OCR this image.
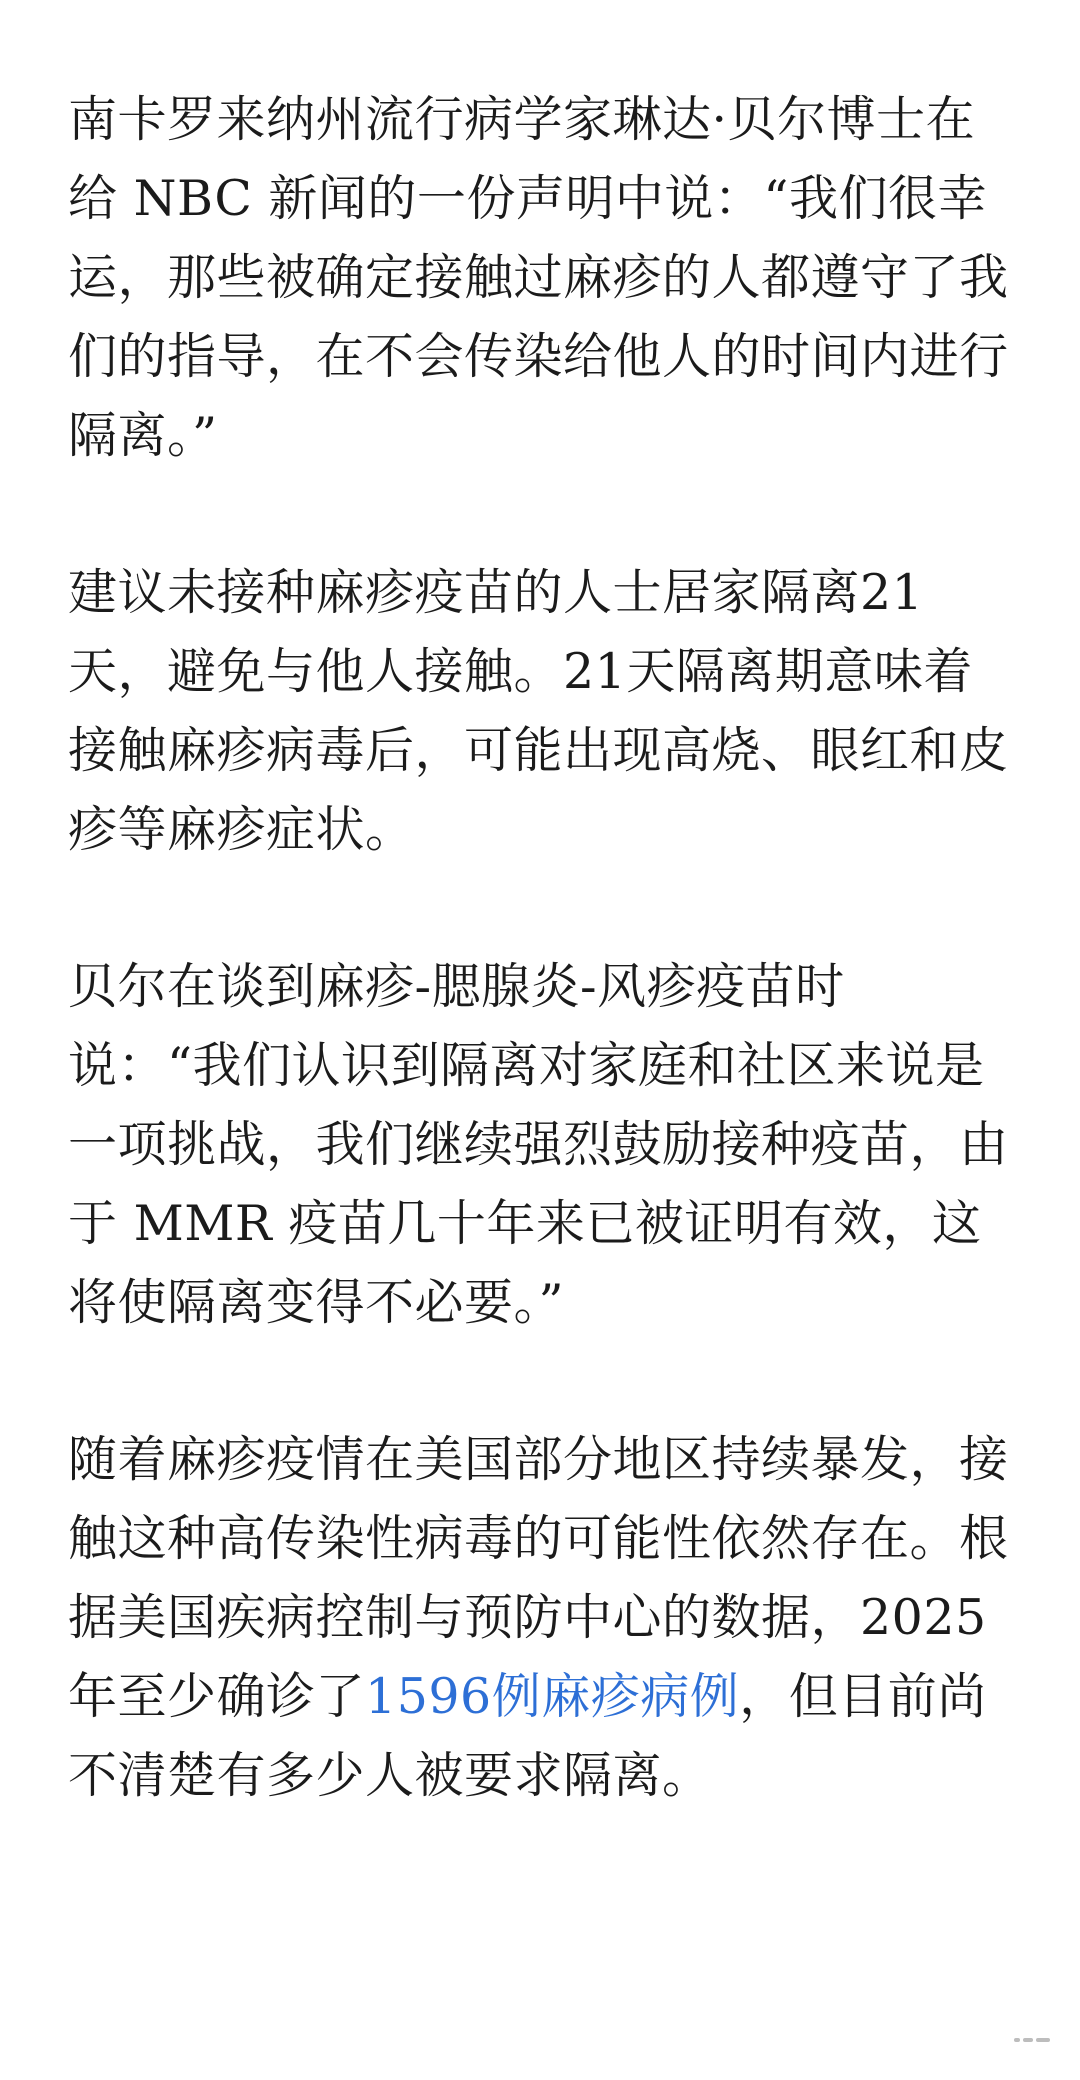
南卡罗来纳州流行病学家琳达·贝尔博士在给 NBC 新闻的一份声明中说：“我们很幸运，那些被确定接触过麻疹的人都遵守了我们的指导，在不会传染给他人的时间内进行隔离。”

建议未接种麻疹疫苗的人士居家隔离21天，避免与他人接触。21天隔离期意味着接触麻疹病毒后，可能出现高烧、眼红和皮疹等麻疹症状。

贝尔在谈到麻疹-腮腺炎-风疹疫苗时说：“我们认识到隔离对家庭和社区来说是一项挑战，我们继续强烈鼓励接种疫苗，由于 MMR 疫苗几十年来已被证明有效，这将使隔离变得不必要。”

随着麻疹疫情在美国部分地区持续暴发，接触这种高传染性病毒的可能性依然存在。根据美国疾病控制与预防中心的数据，2025年至少确诊了1596例麻疹病例，但目前尚不清楚有多少人被要求隔离。
